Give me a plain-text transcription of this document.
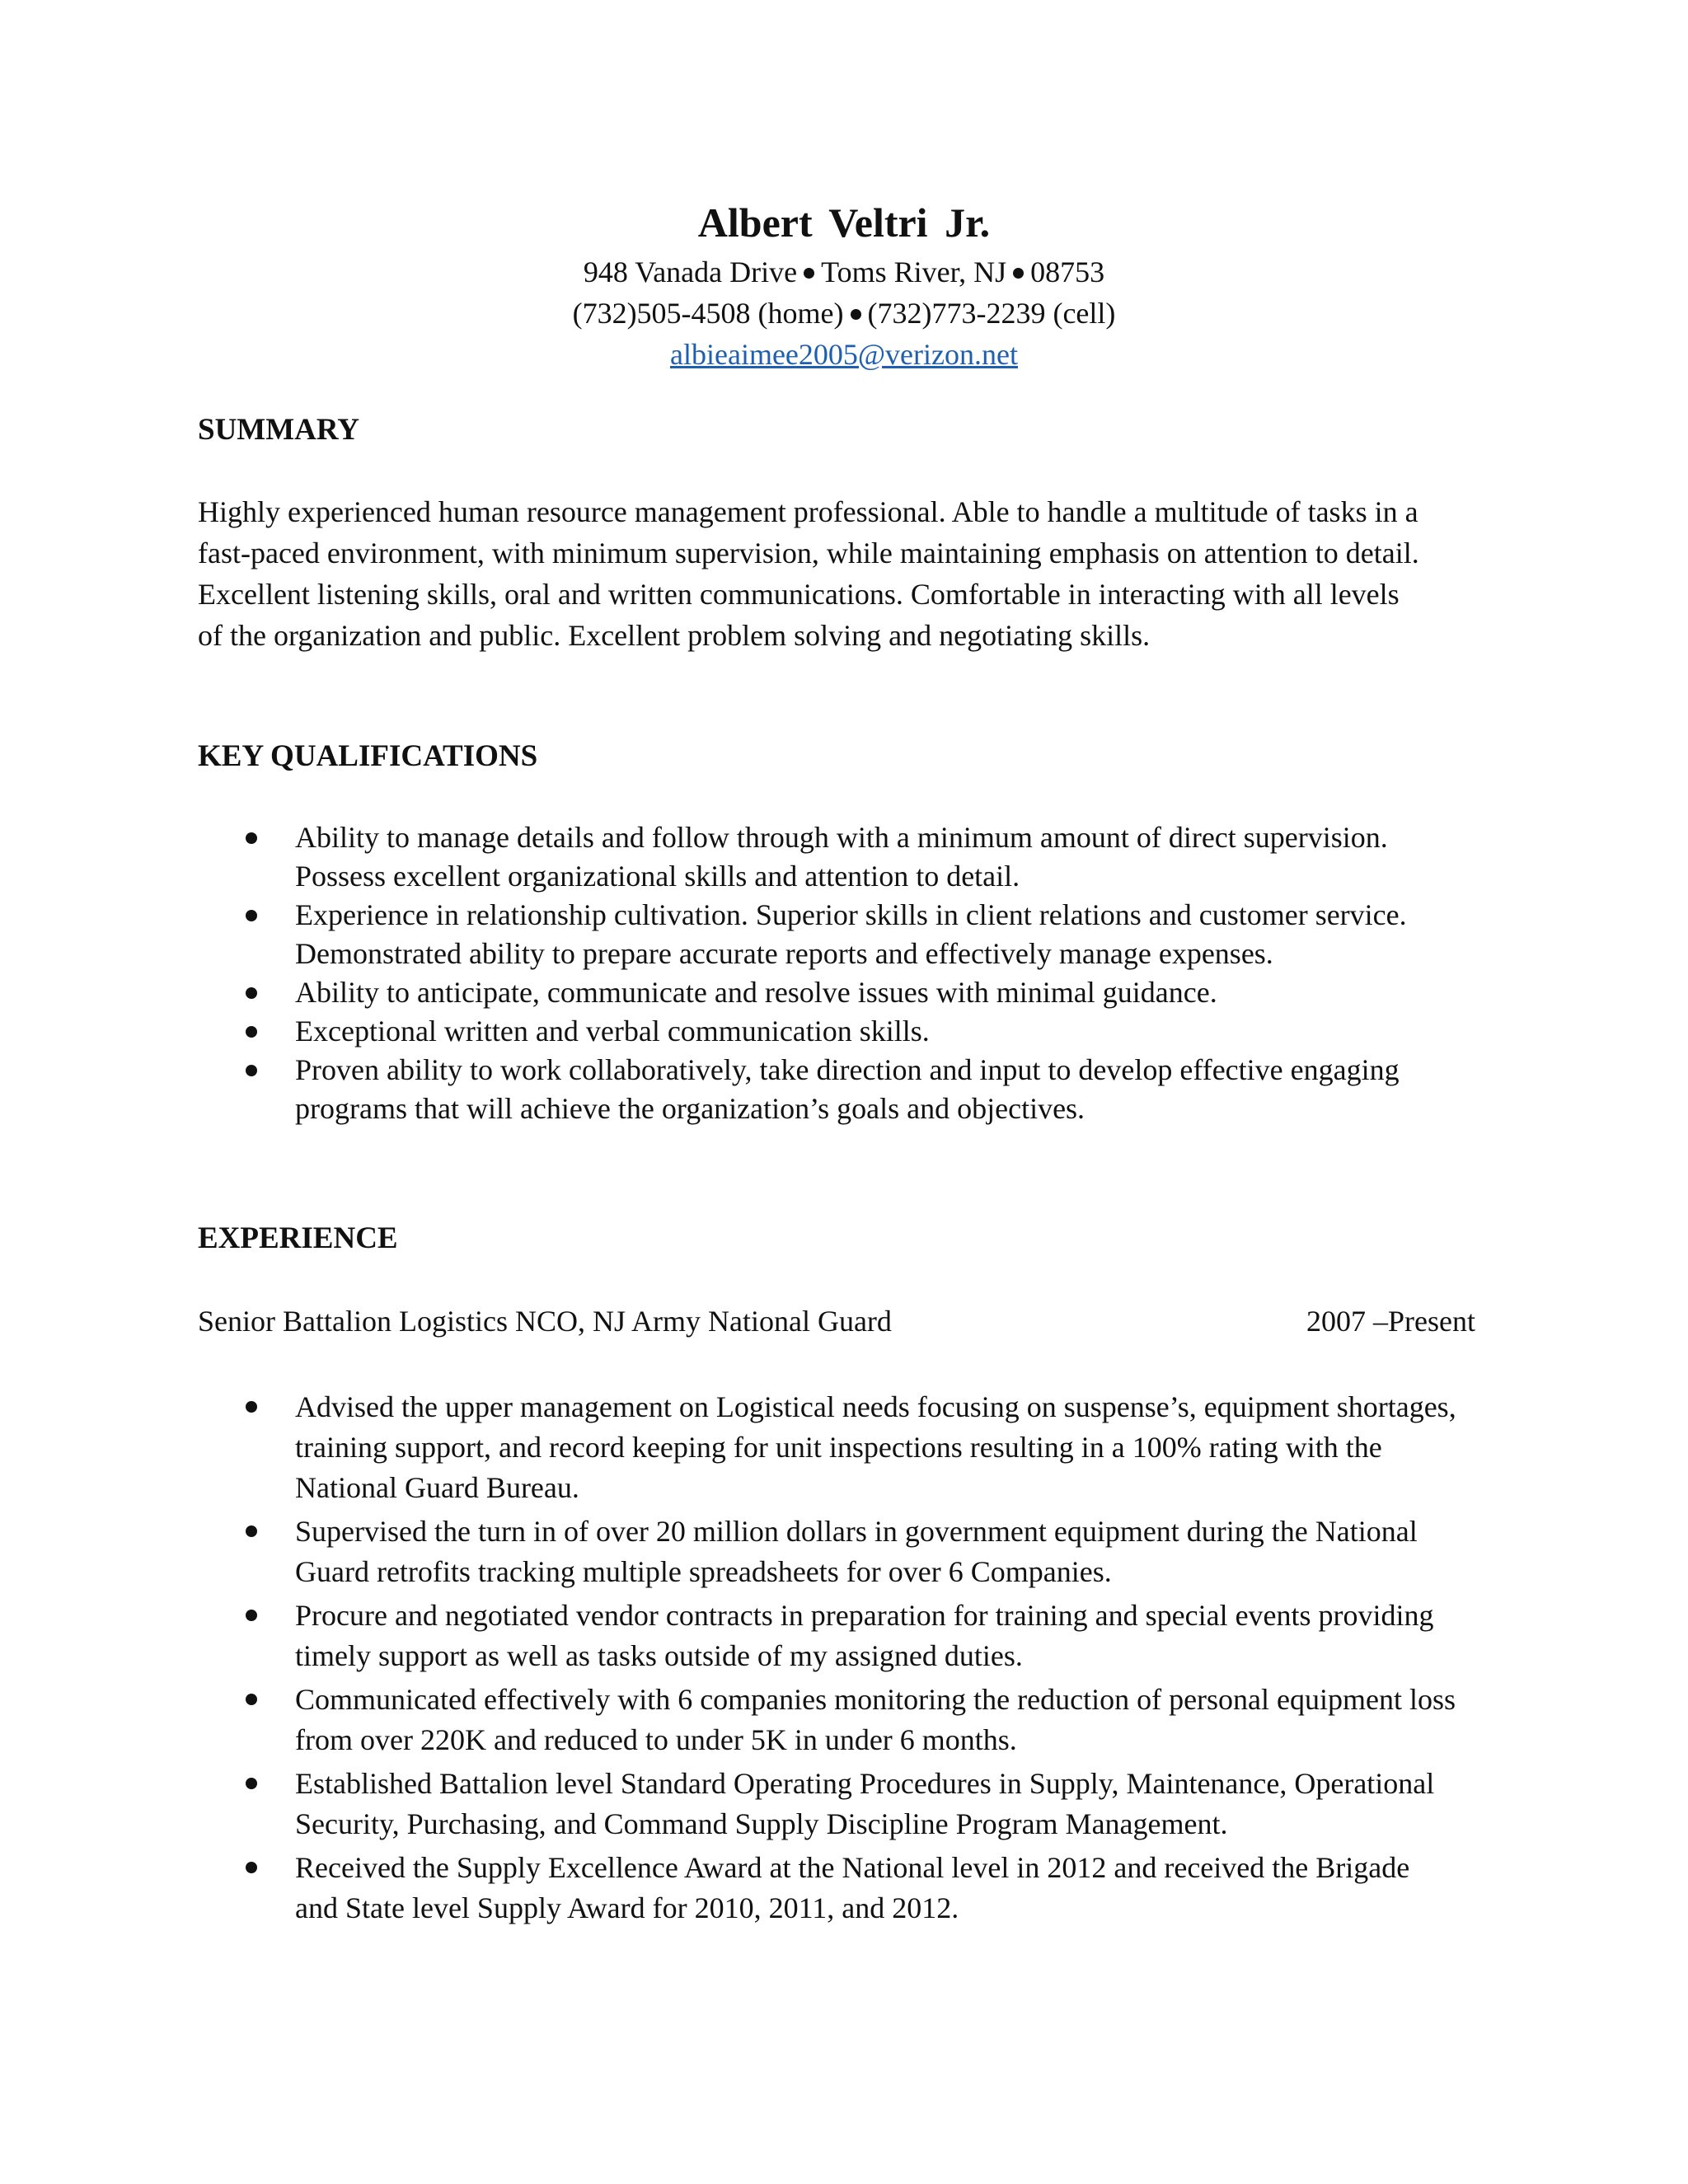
Albert Veltri Jr.

948 Vanada Drive Toms River, NJ 08753

(732)505-4508 (home) (732)773-2239 (cell)

albieaimee2005@verizon.net

SUMMARY

Highly experienced human resource management professional. Able to handle a multitude of tasks in a fast-paced environment, with minimum supervision, while maintaining emphasis on attention to detail. Excellent listening skills, oral and written communications. Comfortable in interacting with all levels of the organization and public. Excellent problem solving and negotiating skills.

KEY QUALIFICATIONS

Ability to manage details and follow through with a minimum amount of direct supervision. Possess excellent organizational skills and attention to detail.
Experience in relationship cultivation. Superior skills in client relations and customer service. Demonstrated ability to prepare accurate reports and effectively manage expenses.
Ability to anticipate, communicate and resolve issues with minimal guidance.
Exceptional written and verbal communication skills.
Proven ability to work collaboratively, take direction and input to develop effective engaging programs that will achieve the organization’s goals and objectives.

EXPERIENCE

Senior Battalion Logistics NCO, NJ Army National Guard	2007 –Present
Advised the upper management on Logistical needs focusing on suspense’s, equipment shortages, training support, and record keeping for unit inspections resulting in a 100% rating with the National Guard Bureau.
Supervised the turn in of over 20 million dollars in government equipment during the National Guard retrofits tracking multiple spreadsheets for over 6 Companies.
Procure and negotiated vendor contracts in preparation for training and special events providing timely support as well as tasks outside of my assigned duties.
Communicated effectively with 6 companies monitoring the reduction of personal equipment loss from over 220K and reduced to under 5K in under 6 months.
Established Battalion level Standard Operating Procedures in Supply, Maintenance, Operational Security, Purchasing, and Command Supply Discipline Program Management.
Received the Supply Excellence Award at the National level in 2012 and received the Brigade and State level Supply Award for 2010, 2011, and 2012.
